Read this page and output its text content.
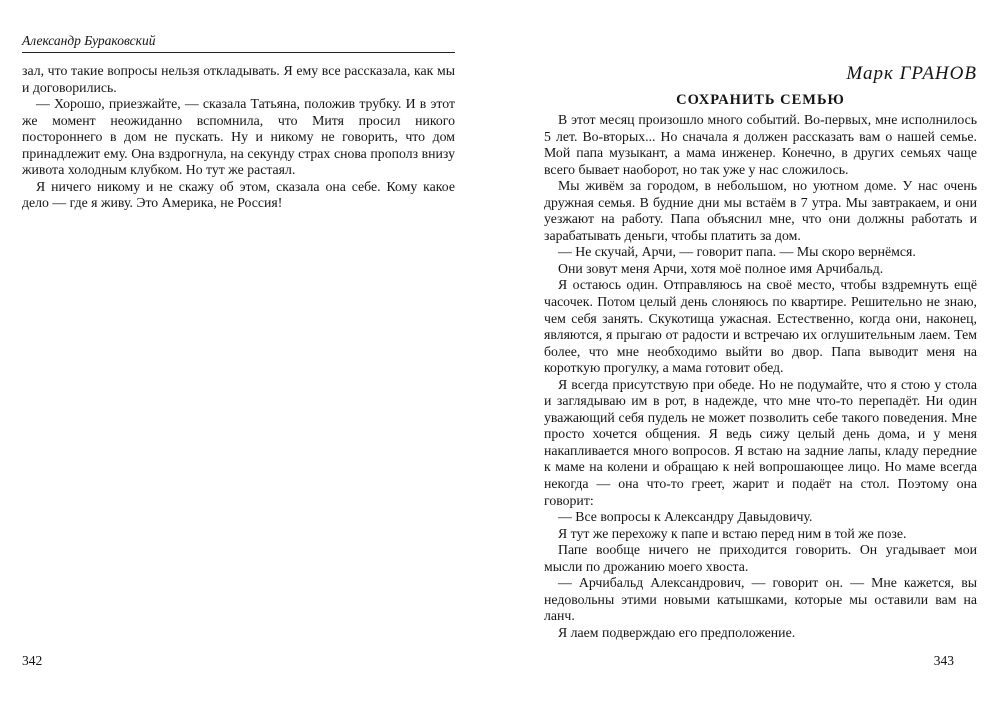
Александр Бураковский

зал, что такие вопросы нельзя откладывать. Я ему все рассказала, как мы и договорились.

— Хорошо, приезжайте, — сказала Татьяна, положив трубку. И в этот же момент неожиданно вспомнила, что Митя просил никого постороннего в дом не пускать. Ну и никому не говорить, что дом принадлежит ему. Она вздрогнула, на секунду страх снова прополз внизу живота холодным клубком. Но тут же растаял.

Я ничего никому и не скажу об этом, сказала она себе. Кому какое дело — где я живу. Это Америка, не Россия!

342
Марк ГРАНОВ
СОХРАНИТЬ СЕМЬЮ

В этот месяц произошло много событий. Во-первых, мне исполнилось 5 лет. Во-вторых... Но сначала я должен рассказать вам о нашей семье. Мой папа музыкант, а мама инженер. Конечно, в других семьях чаще всего бывает наоборот, но так уже у нас сложилось.

Мы живём за городом, в небольшом, но уютном доме. У нас очень дружная семья. В будние дни мы встаём в 7 утра. Мы завтракаем, и они уезжают на работу. Папа объяснил мне, что они должны работать и зарабатывать деньги, чтобы платить за дом.

— Не скучай, Арчи, — говорит папа. — Мы скоро вернёмся.

Они зовут меня Арчи, хотя моё полное имя Арчибальд.

Я остаюсь один. Отправляюсь на своё место, чтобы вздремнуть ещё часочек. Потом целый день слоняюсь по квартире. Решительно не знаю, чем себя занять. Скукотища ужасная. Естественно, когда они, наконец, являются, я прыгаю от радости и встречаю их оглушительным лаем. Тем более, что мне необходимо выйти во двор. Папа выводит меня на короткую прогулку, а мама готовит обед.

Я всегда присутствую при обеде. Но не подумайте, что я стою у стола и заглядываю им в рот, в надежде, что мне что-то перепадёт. Ни один уважающий себя пудель не может позволить себе такого поведения. Мне просто хочется общения. Я ведь сижу целый день дома, и у меня накапливается много вопросов. Я встаю на задние лапы, кладу передние к маме на колени и обращаю к ней вопрошающее лицо. Но маме всегда некогда — она что-то греет, жарит и подаёт на стол. Поэтому она говорит:

— Все вопросы к Александру Давыдовичу.

Я тут же перехожу к папе и встаю перед ним в той же позе.

Папе вообще ничего не приходится говорить. Он угадывает мои мысли по дрожанию моего хвоста.

— Арчибальд Александрович, — говорит он. — Мне кажется, вы недовольны этими новыми катышками, которые мы оставили вам на ланч.

Я лаем подверждаю его предположение.

343
